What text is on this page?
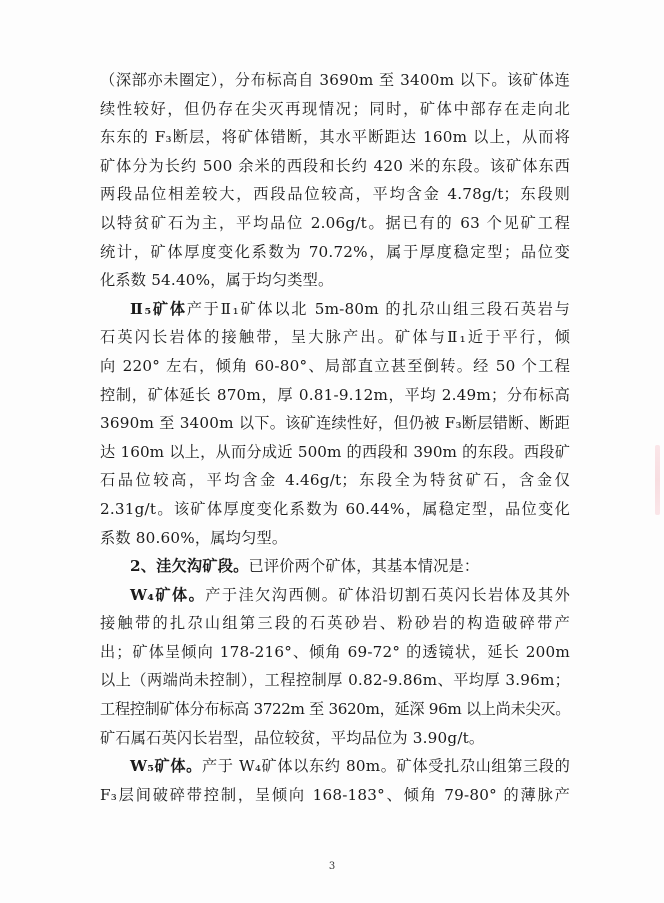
（深部亦未圈定），分布标高自 3690m 至 3400m 以下。该矿体连
续性较好，但仍存在尖灭再现情况；同时，矿体中部存在走向北
东东的 F₃断层，将矿体错断，其水平断距达 160m 以上，从而将
矿体分为长约 500 余米的西段和长约 420 米的东段。该矿体东西
两段品位相差较大，西段品位较高，平均含金 4.78g/t；东段则
以特贫矿石为主，平均品位 2.06g/t。据已有的 63 个见矿工程
统计，矿体厚度变化系数为 70.72%，属于厚度稳定型；品位变
化系数 54.40%，属于均匀类型。
Ⅱ₅矿体产于Ⅱ₁矿体以北 5m-80m 的扎尕山组三段石英岩与
石英闪长岩体的接触带，呈大脉产出。矿体与Ⅱ₁近于平行，倾
向 220° 左右，倾角 60-80°、局部直立甚至倒转。经 50 个工程
控制，矿体延长 870m，厚 0.81-9.12m，平均 2.49m；分布标高
3690m 至 3400m 以下。该矿连续性好，但仍被 F₃断层错断、断距
达 160m 以上，从而分成近 500m 的西段和 390m 的东段。西段矿
石品位较高，平均含金 4.46g/t；东段全为特贫矿石，含金仅
2.31g/t。该矿体厚度变化系数为 60.44%，属稳定型，品位变化
系数 80.60%，属均匀型。
2、洼欠沟矿段。已评价两个矿体，其基本情况是：
W₄矿体。产于洼欠沟西侧。矿体沿切割石英闪长岩体及其外
接触带的扎尕山组第三段的石英砂岩、粉砂岩的构造破碎带产
出；矿体呈倾向 178-216°、倾角 69-72° 的透镜状，延长 200m
以上（两端尚未控制），工程控制厚 0.82-9.86m、平均厚 3.96m；
工程控制矿体分布标高 3722m 至 3620m，延深 96m 以上尚未尖灭。
矿石属石英闪长岩型，品位较贫，平均品位为 3.90g/t。
W₅矿体。产于 W₄矿体以东约 80m。矿体受扎尕山组第三段的
F₃层间破碎带控制，呈倾向 168-183°、倾角 79-80° 的薄脉产
3
